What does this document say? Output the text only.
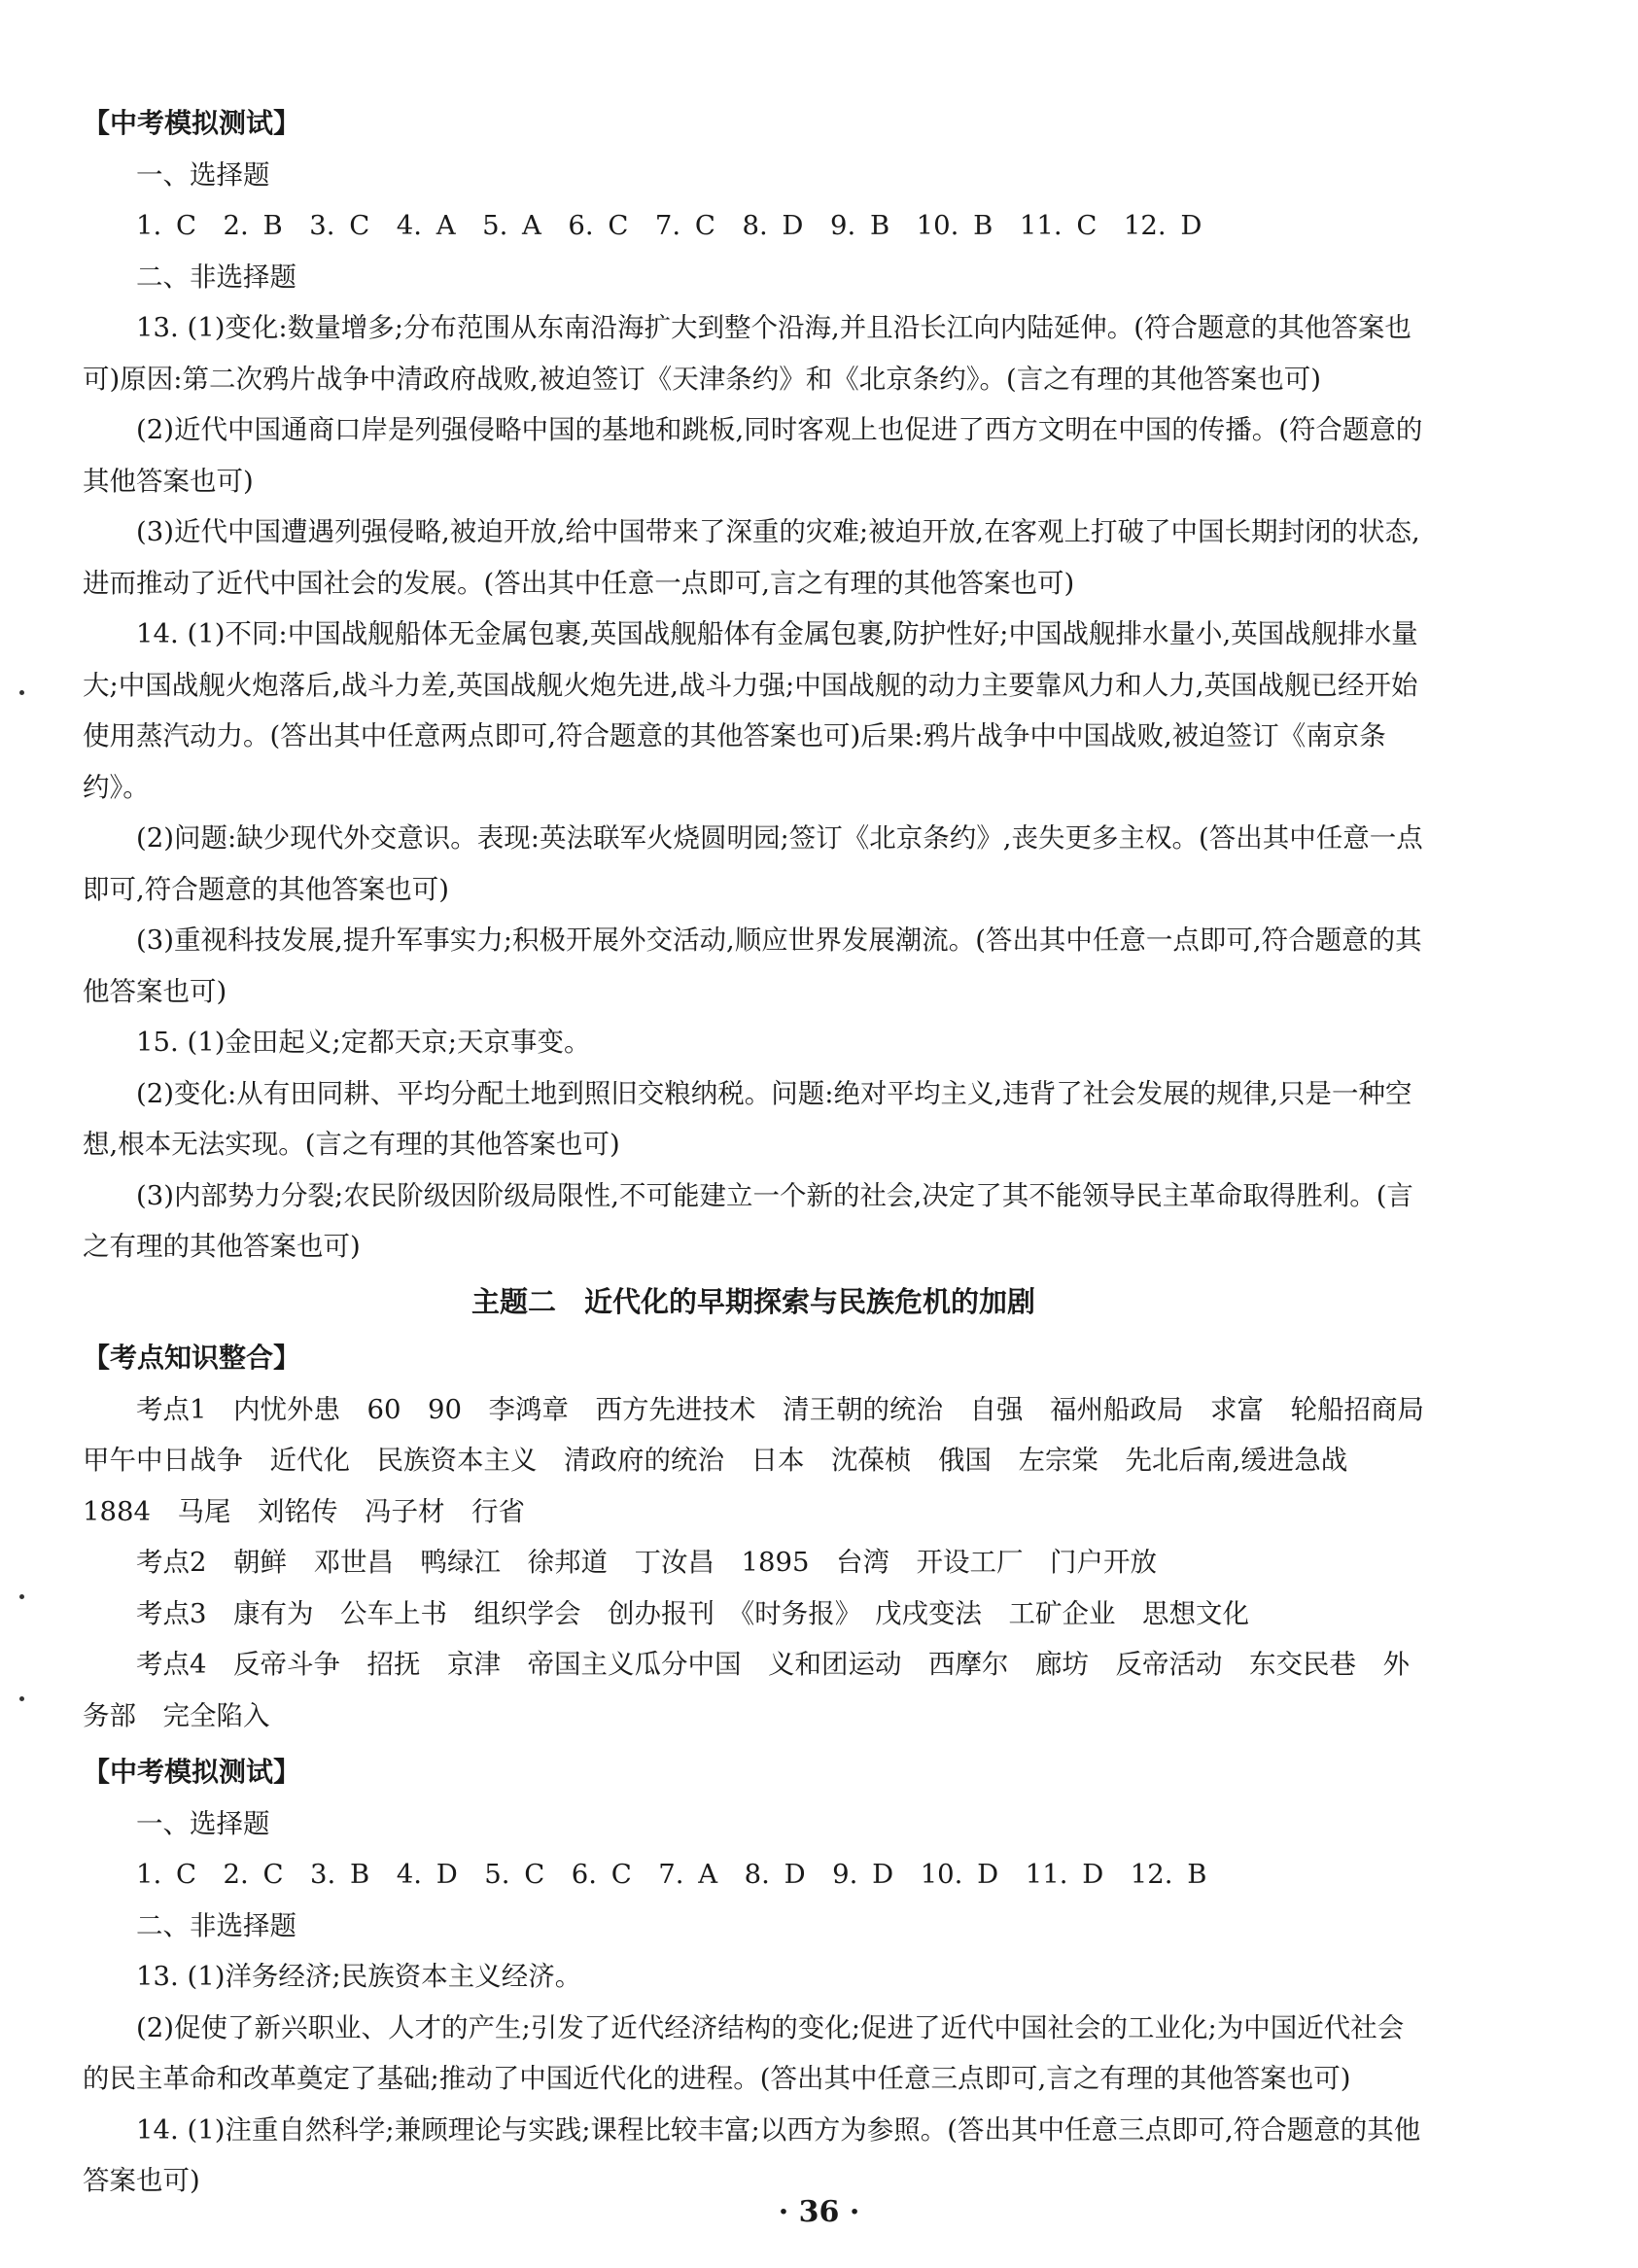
【中考模拟测试】
一、选择题
1. C　2. B　3. C　4. A　5. A　6. C　7. C　8. D　9. B　10. B　11. C　12. D
二、非选择题
13. (1)变化:数量增多;分布范围从东南沿海扩大到整个沿海,并且沿长江向内陆延伸。(符合题意的其他答案也可)原因:第二次鸦片战争中清政府战败,被迫签订《天津条约》和《北京条约》。(言之有理的其他答案也可)
(2)近代中国通商口岸是列强侵略中国的基地和跳板,同时客观上也促进了西方文明在中国的传播。(符合题意的其他答案也可)
(3)近代中国遭遇列强侵略,被迫开放,给中国带来了深重的灾难;被迫开放,在客观上打破了中国长期封闭的状态,进而推动了近代中国社会的发展。(答出其中任意一点即可,言之有理的其他答案也可)
14. (1)不同:中国战舰船体无金属包裹,英国战舰船体有金属包裹,防护性好;中国战舰排水量小,英国战舰排水量大;中国战舰火炮落后,战斗力差,英国战舰火炮先进,战斗力强;中国战舰的动力主要靠风力和人力,英国战舰已经开始使用蒸汽动力。(答出其中任意两点即可,符合题意的其他答案也可)后果:鸦片战争中中国战败,被迫签订《南京条约》。
(2)问题:缺少现代外交意识。表现:英法联军火烧圆明园;签订《北京条约》,丧失更多主权。(答出其中任意一点即可,符合题意的其他答案也可)
(3)重视科技发展,提升军事实力;积极开展外交活动,顺应世界发展潮流。(答出其中任意一点即可,符合题意的其他答案也可)
15. (1)金田起义;定都天京;天京事变。
(2)变化:从有田同耕、平均分配土地到照旧交粮纳税。问题:绝对平均主义,违背了社会发展的规律,只是一种空想,根本无法实现。(言之有理的其他答案也可)
(3)内部势力分裂;农民阶级因阶级局限性,不可能建立一个新的社会,决定了其不能领导民主革命取得胜利。(言之有理的其他答案也可)
主题二　近代化的早期探索与民族危机的加剧
【考点知识整合】
考点1　内忧外患　60　90　李鸿章　西方先进技术　清王朝的统治　自强　福州船政局　求富　轮船招商局　甲午中日战争　近代化　民族资本主义　清政府的统治　日本　沈葆桢　俄国　左宗棠　先北后南,缓进急战　1884　马尾　刘铭传　冯子材　行省
考点2　朝鲜　邓世昌　鸭绿江　徐邦道　丁汝昌　1895　台湾　开设工厂　门户开放
考点3　康有为　公车上书　组织学会　创办报刊　《时务报》　戊戌变法　工矿企业　思想文化
考点4　反帝斗争　招抚　京津　帝国主义瓜分中国　义和团运动　西摩尔　廊坊　反帝活动　东交民巷　外务部　完全陷入
【中考模拟测试】
一、选择题
1. C　2. C　3. B　4. D　5. C　6. C　7. A　8. D　9. D　10. D　11. D　12. B
二、非选择题
13. (1)洋务经济;民族资本主义经济。
(2)促使了新兴职业、人才的产生;引发了近代经济结构的变化;促进了近代中国社会的工业化;为中国近代社会的民主革命和改革奠定了基础;推动了中国近代化的进程。(答出其中任意三点即可,言之有理的其他答案也可)
14. (1)注重自然科学;兼顾理论与实践;课程比较丰富;以西方为参照。(答出其中任意三点即可,符合题意的其他答案也可)
· 36 ·
